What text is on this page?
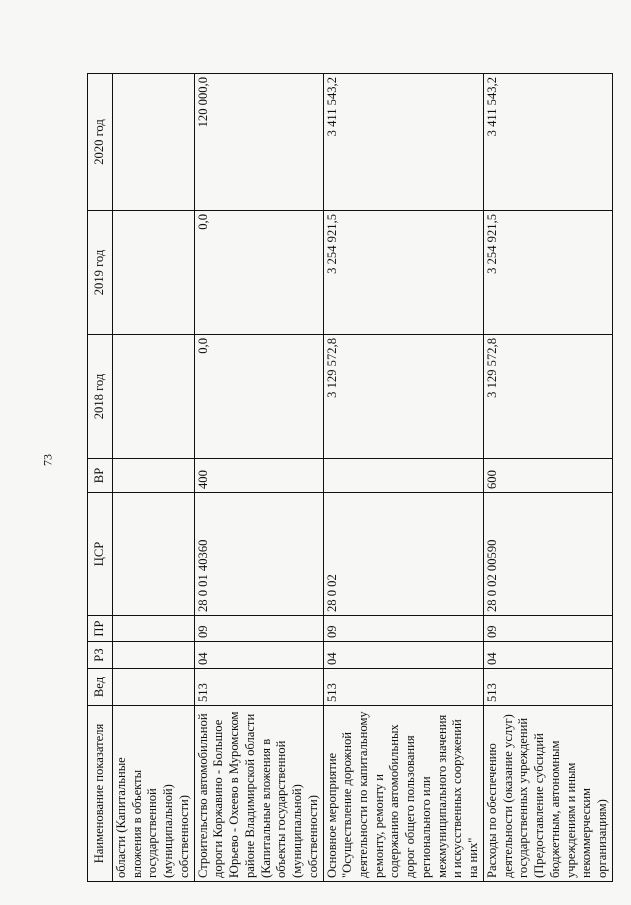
73
Наименование показателя	Вед	РЗ	ПР	ЦСР	ВР	2018 год	2019 год	2020 год
области (Капитальные вложения в объекты государственной (муниципальной) собственности)								
Строительство автомобильной дороги Коржавино - Большое Юрьево - Охеево в Муромском районе Владимирской области (Капитальные вложения в объекты государственной (муниципальной) собственности)	513	04	09	28 0 01 40360	400	0,0	0,0	120 000,0
Основное мероприятие "Осуществление дорожной деятельности по капитальному ремонту, ремонту и содержанию автомобильных дорог общего пользования регионального или межмуниципального значения и искусственных сооружений на них"	513	04	09	28 0 02		3 129 572,8	3 254 921,5	3 411 543,2
Расходы по обеспечению деятельности (оказание услуг) государственных учреждений (Предоставление субсидий бюджетным, автономным учреждениям и иным некоммерческим организациям)	513	04	09	28 0 02 00590	600	3 129 572,8	3 254 921,5	3 411 543,2
